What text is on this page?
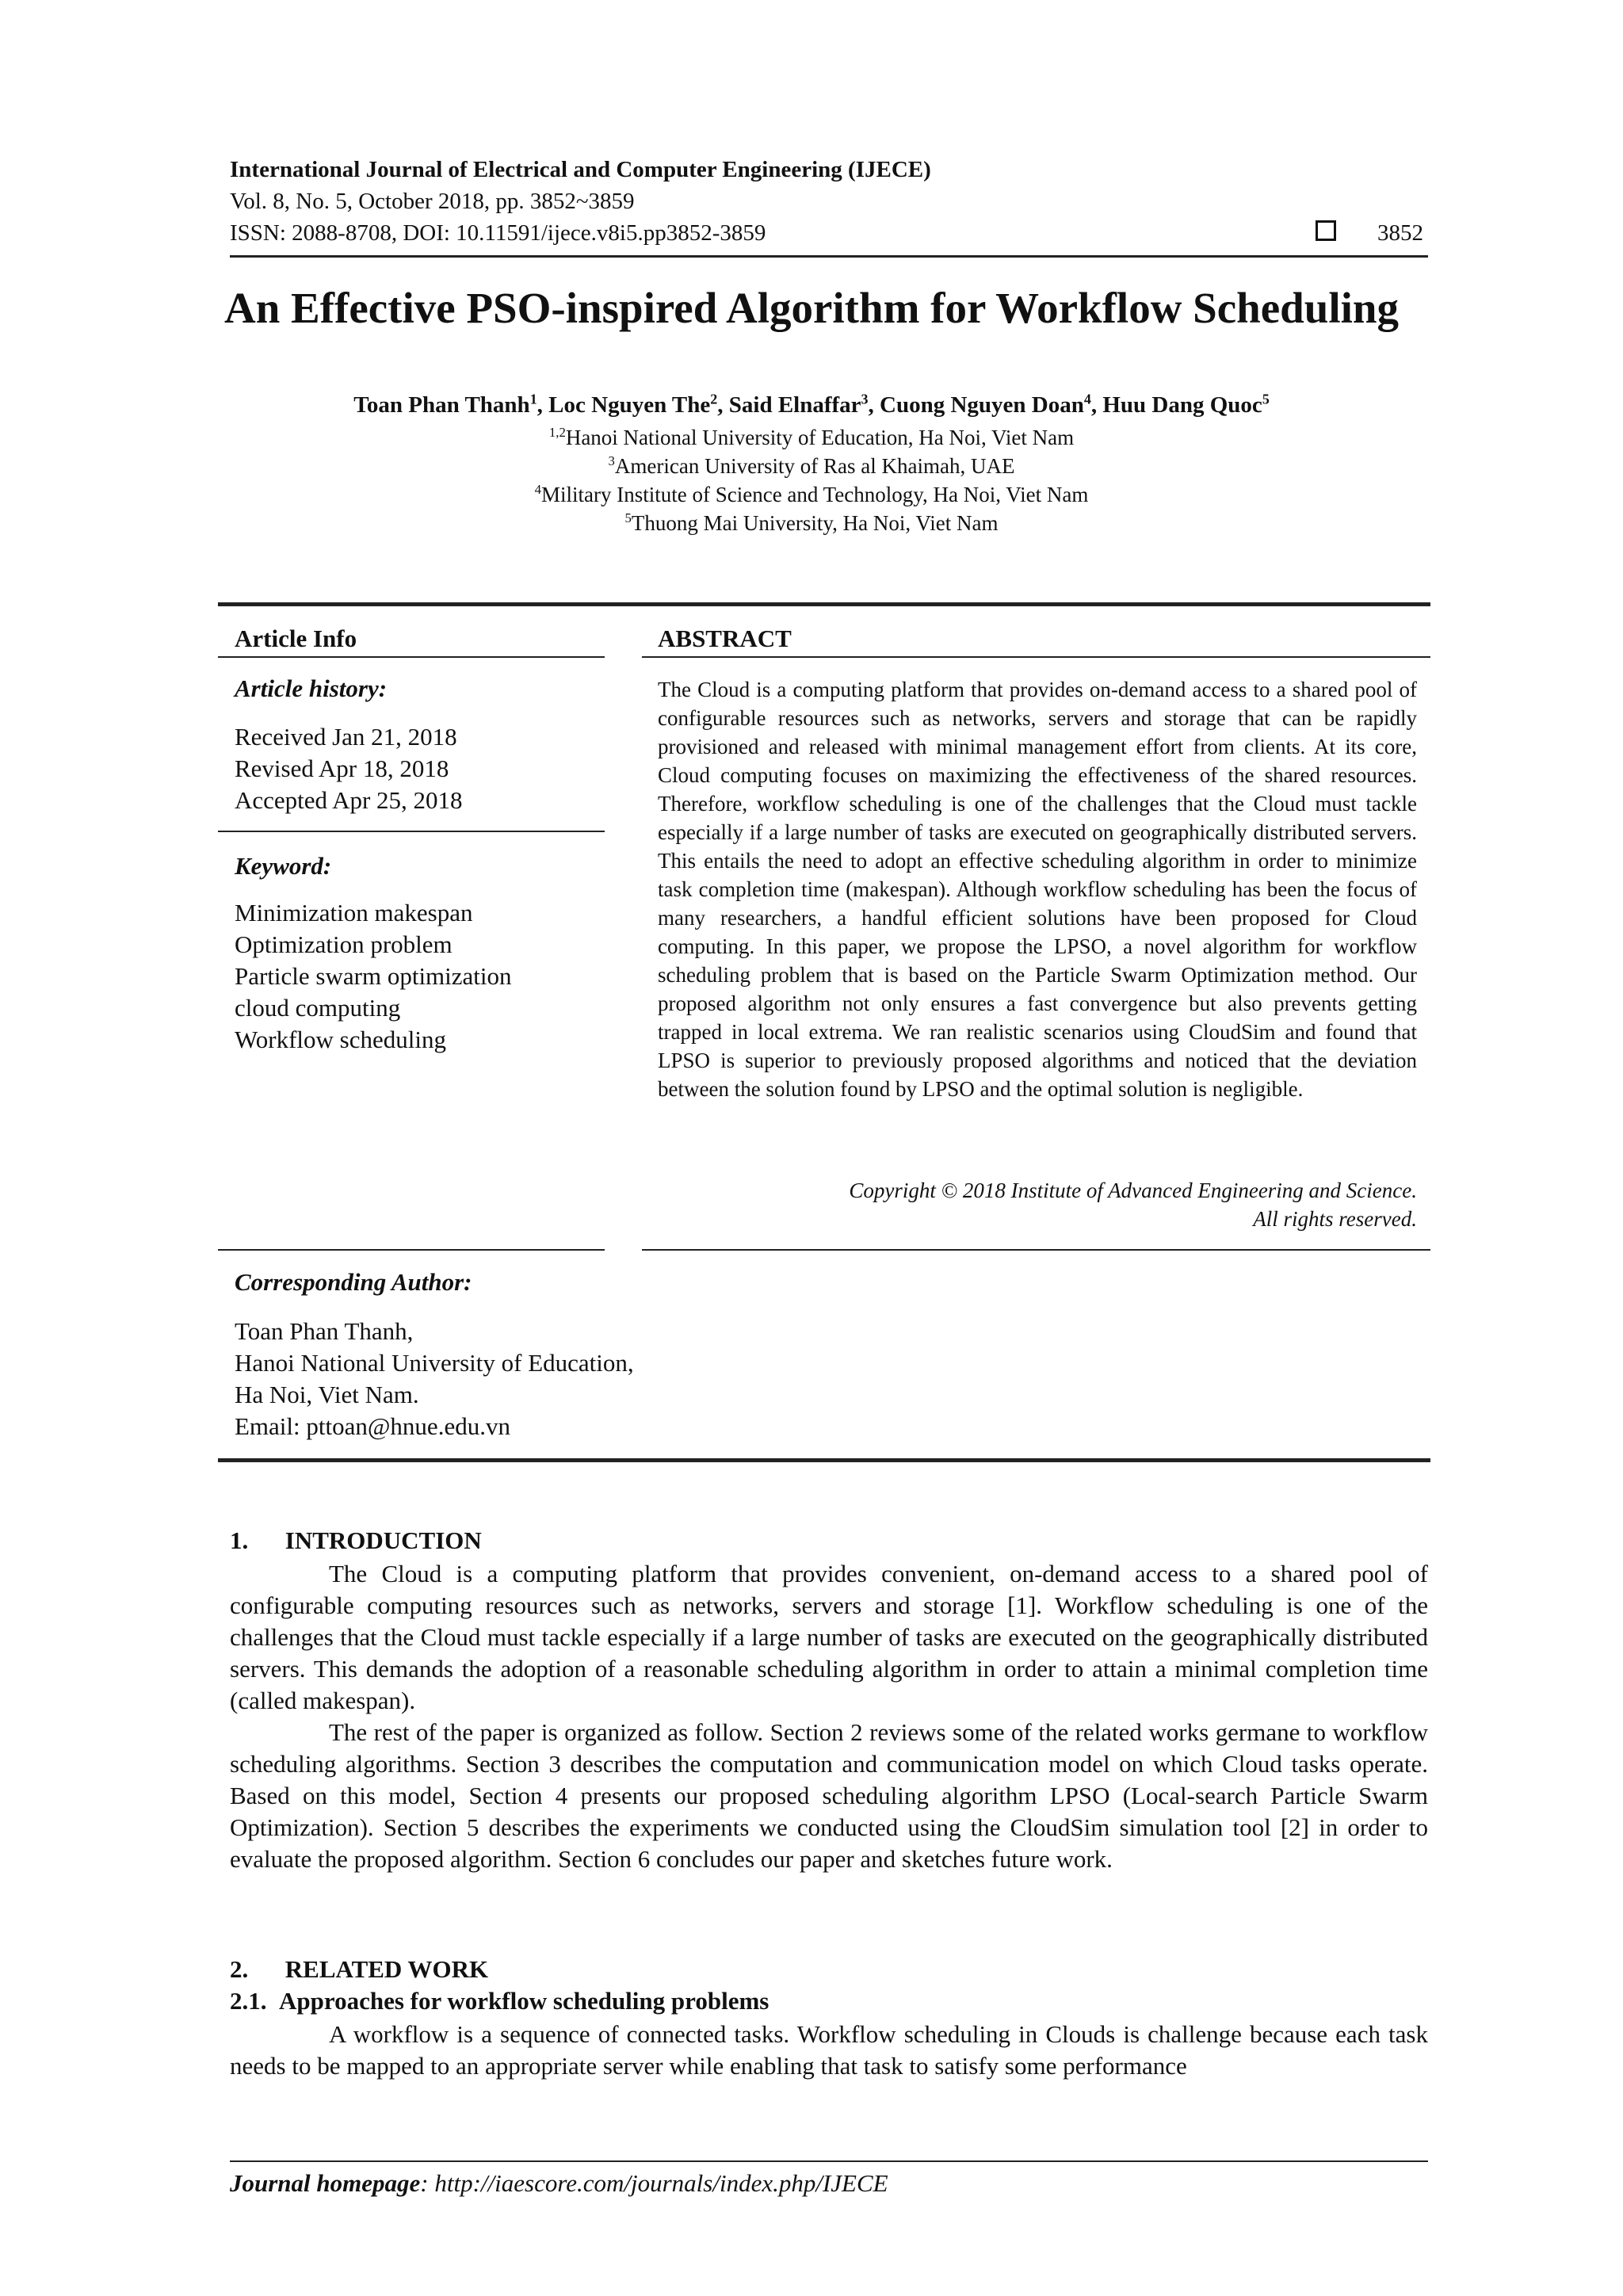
International Journal of Electrical and Computer Engineering (IJECE)
Vol. 8, No. 5, October 2018, pp. 3852~3859
ISSN: 2088-8708, DOI: 10.11591/ijece.v8i5.pp3852-3859	3852
An Effective PSO-inspired Algorithm for Workflow Scheduling
Toan Phan Thanh$^1$, Loc Nguyen The$^2$, Said Elnaffar$^3$, Cuong Nguyen Doan$^4$, Huu Dang Quoc$^5$
$^{1,2}$Hanoi National University of Education, Ha Noi, Viet Nam
$^3$American University of Ras al Khaimah, UAE
$^4$Military Institute of Science and Technology, Ha Noi, Viet Nam
$^5$Thuong Mai University, Ha Noi, Viet Nam
Article Info
Article history:
Received Jan 21, 2018
Revised Apr 18, 2018
Accepted Apr 25, 2018
Keyword:
Minimization makespan
Optimization problem
Particle swarm optimization
cloud computing
Workflow scheduling
ABSTRACT

The Cloud is a computing platform that provides on-demand access to a shared pool of configurable resources such as networks, servers and storage that can be rapidly provisioned and released with minimal management effort from clients. At its core, Cloud computing focuses on maximizing the effectiveness of the shared resources. Therefore, workflow scheduling is one of the challenges that the Cloud must tackle especially if a large number of tasks are executed on geographically distributed servers. This entails the need to adopt an effective scheduling algorithm in order to minimize task completion time (makespan). Although workflow scheduling has been the focus of many researchers, a handful efficient solutions have been proposed for Cloud computing. In this paper, we propose the LPSO, a novel algorithm for workflow scheduling problem that is based on the Particle Swarm Optimization method. Our proposed algorithm not only ensures a fast convergence but also prevents getting trapped in local extrema. We ran realistic scenarios using CloudSim and found that LPSO is superior to previously proposed algorithms and noticed that the deviation between the solution found by LPSO and the optimal solution is negligible.

Copyright © 2018 Institute of Advanced Engineering and Science.
All rights reserved.
Corresponding Author:
Toan Phan Thanh,
Hanoi National University of Education,
Ha Noi, Viet Nam.
Email: pttoan@hnue.edu.vn
1.      INTRODUCTION

The Cloud is a computing platform that provides convenient, on-demand access to a shared pool of configurable computing resources such as networks, servers and storage [1]. Workflow scheduling is one of the challenges that the Cloud must tackle especially if a large number of tasks are executed on the geographically distributed servers. This demands the adoption of a reasonable scheduling algorithm in order to attain a minimal completion time (called makespan).

The rest of the paper is organized as follow. Section 2 reviews some of the related works germane to workflow scheduling algorithms. Section 3 describes the computation and communication model on which Cloud tasks operate. Based on this model, Section 4 presents our proposed scheduling algorithm LPSO (Local-search Particle Swarm Optimization). Section 5 describes the experiments we conducted using the CloudSim simulation tool [2] in order to evaluate the proposed algorithm. Section 6 concludes our paper and sketches future work.

2.      RELATED WORK
2.1.  Approaches for workflow scheduling problems

A workflow is a sequence of connected tasks. Workflow scheduling in Clouds is challenge because each task needs to be mapped to an appropriate server while enabling that task to satisfy some performance

Journal homepage: http://iaescore.com/journals/index.php/IJECE
